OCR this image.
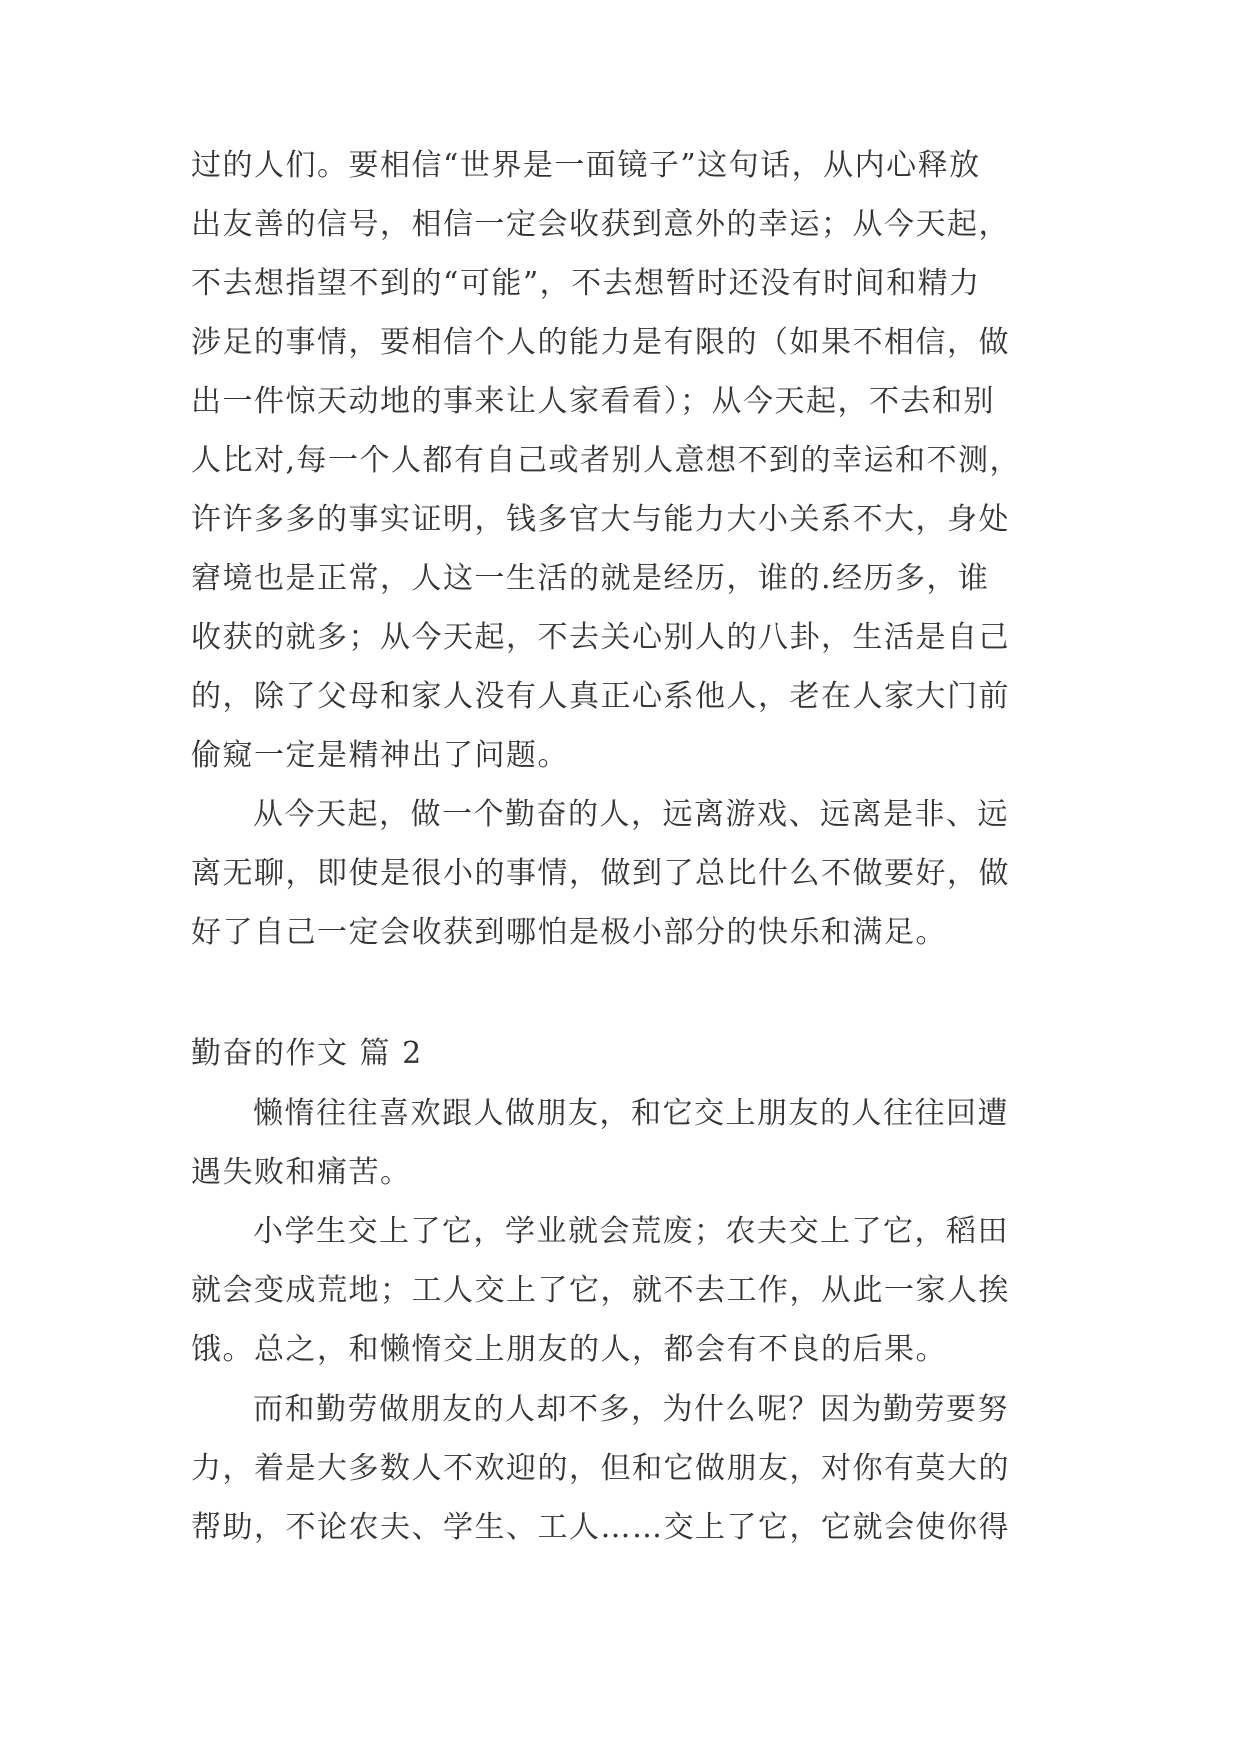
过的人们。要相信“世界是一面镜子”这句话，从内心释放
出友善的信号，相信一定会收获到意外的幸运；从今天起，
不去想指望不到的“可能”，不去想暂时还没有时间和精力
涉足的事情，要相信个人的能力是有限的（如果不相信，做
出一件惊天动地的事来让人家看看）；从今天起，不去和别
人比对,每一个人都有自己或者别人意想不到的幸运和不测，
许许多多的事实证明，钱多官大与能力大小关系不大，身处
窘境也是正常，人这一生活的就是经历，谁的.经历多，谁
收获的就多；从今天起，不去关心别人的八卦，生活是自己
的，除了父母和家人没有人真正心系他人，老在人家大门前
偷窥一定是精神出了问题。
从今天起，做一个勤奋的人，远离游戏、远离是非、远
离无聊，即使是很小的事情，做到了总比什么不做要好，做
好了自己一定会收获到哪怕是极小部分的快乐和满足。
勤奋的作文 篇 2
懒惰往往喜欢跟人做朋友，和它交上朋友的人往往回遭
遇失败和痛苦。
小学生交上了它，学业就会荒废；农夫交上了它，稻田
就会变成荒地；工人交上了它，就不去工作，从此一家人挨
饿。总之，和懒惰交上朋友的人，都会有不良的后果。
而和勤劳做朋友的人却不多，为什么呢？因为勤劳要努
力，着是大多数人不欢迎的，但和它做朋友，对你有莫大的
帮助，不论农夫、学生、工人……交上了它，它就会使你得
